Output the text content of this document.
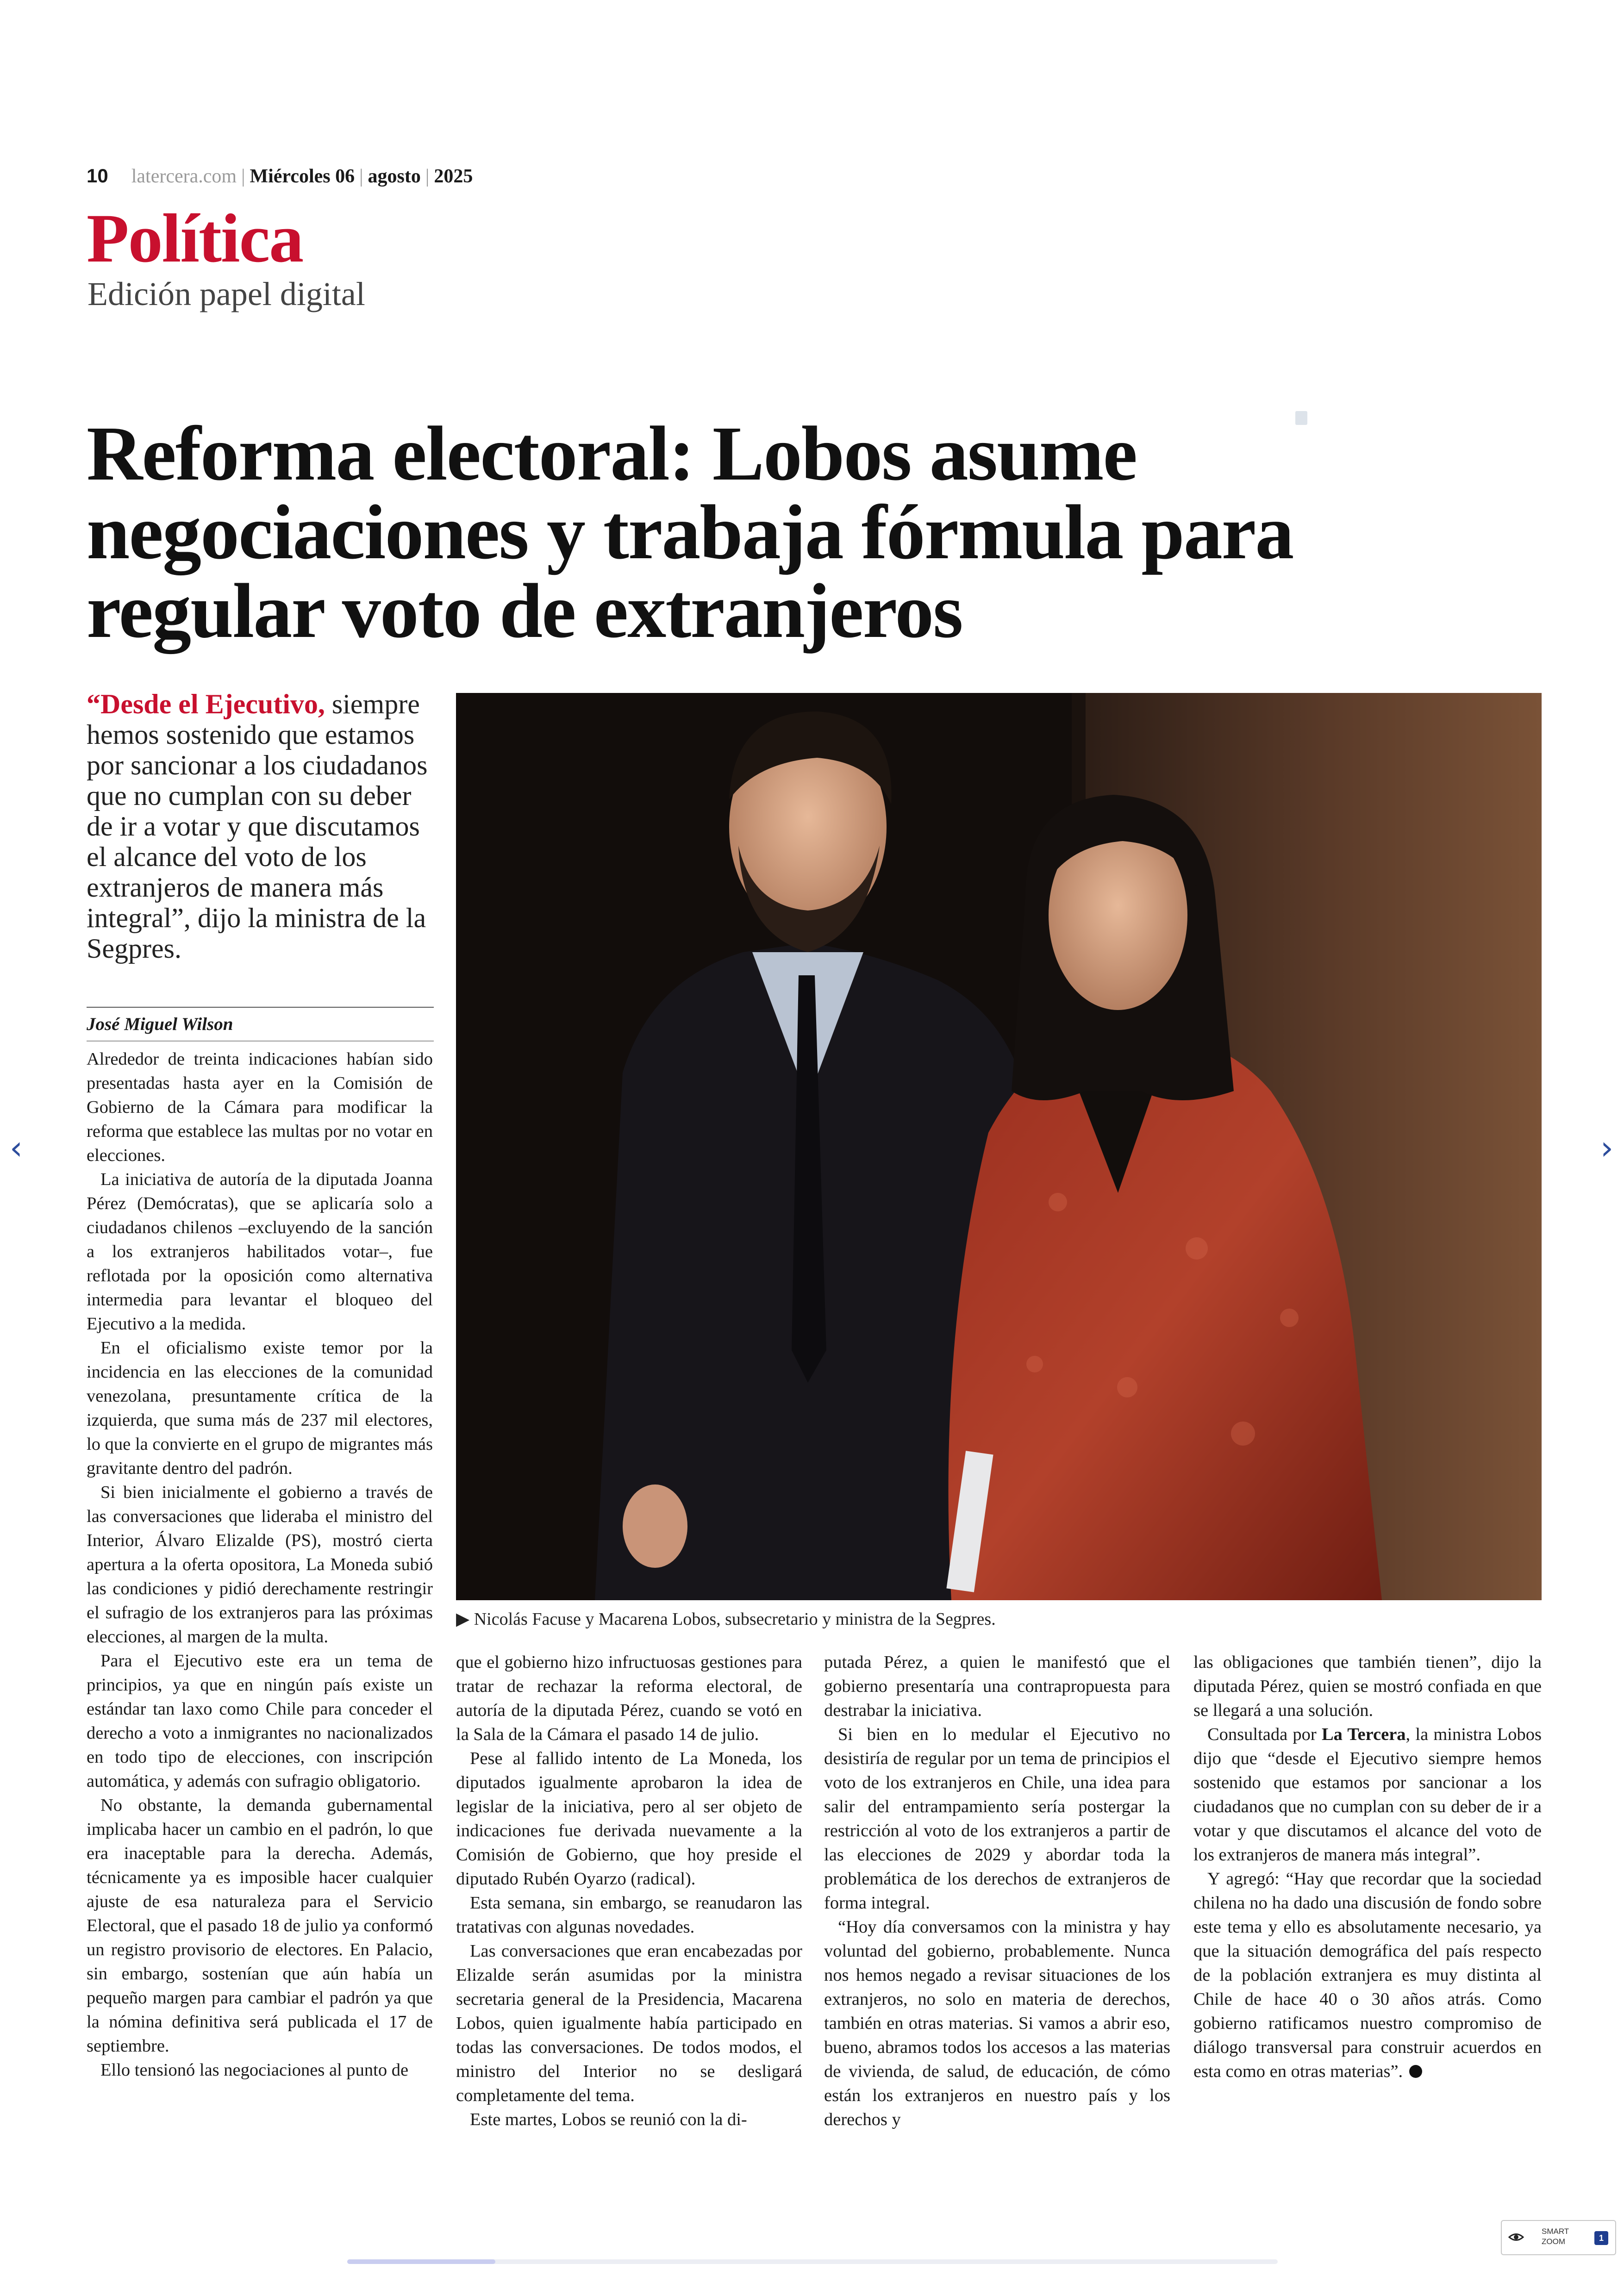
10 latercera.com | Miércoles 06 | agosto | 2025
Política
Edición papel digital
Reforma electoral: Lobos asume negociaciones y trabaja fórmula para regular voto de extranjeros
“Desde el Ejecutivo, siempre hemos sostenido que estamos por sancionar a los ciudadanos que no cumplan con su deber de ir a votar y que discutamos el alcance del voto de los extranjeros de manera más integral”, dijo la ministra de la Segpres.
José Miguel Wilson
▶ Nicolás Facuse y Macarena Lobos, subsecretario y ministra de la Segpres.

Alrededor de treinta indicaciones habían sido presentadas hasta ayer en la Comisión de Gobierno de la Cámara para modificar la reforma que establece las multas por no votar en elecciones.

La iniciativa de autoría de la diputada Joanna Pérez (Demócratas), que se aplicaría solo a ciudadanos chilenos –excluyendo de la sanción a los extranjeros habilitados votar–, fue reflotada por la oposición como alternativa intermedia para levantar el bloqueo del Ejecutivo a la medida.

En el oficialismo existe temor por la incidencia en las elecciones de la comunidad venezolana, presuntamente crítica de la izquierda, que suma más de 237 mil electores, lo que la convierte en el grupo de migrantes más gravitante dentro del padrón.

Si bien inicialmente el gobierno a través de las conversaciones que lideraba el ministro del Interior, Álvaro Elizalde (PS), mostró cierta apertura a la oferta opositora, La Moneda subió las condiciones y pidió derechamente restringir el sufragio de los extranjeros para las próximas elecciones, al margen de la multa.

Para el Ejecutivo este era un tema de principios, ya que en ningún país existe un estándar tan laxo como Chile para conceder el derecho a voto a inmigrantes no nacionalizados en todo tipo de elecciones, con inscripción automática, y además con sufragio obligatorio.

No obstante, la demanda gubernamental implicaba hacer un cambio en el padrón, lo que era inaceptable para la derecha. Además, técnicamente ya es imposible hacer cualquier ajuste de esa naturaleza para el Servicio Electoral, que el pasado 18 de julio ya conformó un registro provisorio de electores. En Palacio, sin embargo, sostenían que aún había un pequeño margen para cambiar el padrón ya que la nómina definitiva será publicada el 17 de septiembre.

Ello tensionó las negociaciones al punto de

que el gobierno hizo infructuosas gestiones para tratar de rechazar la reforma electoral, de autoría de la diputada Pérez, cuando se votó en la Sala de la Cámara el pasado 14 de julio.

Pese al fallido intento de La Moneda, los diputados igualmente aprobaron la idea de legislar de la iniciativa, pero al ser objeto de indicaciones fue derivada nuevamente a la Comisión de Gobierno, que hoy preside el diputado Rubén Oyarzo (radical).

Esta semana, sin embargo, se reanudaron las tratativas con algunas novedades.

Las conversaciones que eran encabezadas por Elizalde serán asumidas por la ministra secretaria general de la Presidencia, Macarena Lobos, quien igualmente había participado en todas las conversaciones. De todos modos, el ministro del Interior no se desligará completamente del tema.

Este martes, Lobos se reunió con la di-

putada Pérez, a quien le manifestó que el gobierno presentaría una contrapropuesta para destrabar la iniciativa.

Si bien en lo medular el Ejecutivo no desistiría de regular por un tema de principios el voto de los extranjeros en Chile, una idea para salir del entrampamiento sería postergar la restricción al voto de los extranjeros a partir de las elecciones de 2029 y abordar toda la problemática de los derechos de extranjeros de forma integral.

“Hoy día conversamos con la ministra y hay voluntad del gobierno, probablemente. Nunca nos hemos negado a revisar situaciones de los extranjeros, no solo en materia de derechos, también en otras materias. Si vamos a abrir eso, bueno, abramos todos los accesos a las materias de vivienda, de salud, de educación, de cómo están los extranjeros en nuestro país y los derechos y

las obligaciones que también tienen”, dijo la diputada Pérez, quien se mostró confiada en que se llegará a una solución.

Consultada por La Tercera, la ministra Lobos dijo que “desde el Ejecutivo siempre hemos sostenido que estamos por sancionar a los ciudadanos que no cumplan con su deber de ir a votar y que discutamos el alcance del voto de los extranjeros de manera más integral”.

Y agregó: “Hay que recordar que la sociedad chilena no ha dado una discusión de fondo sobre este tema y ello es absolutamente necesario, ya que la situación demográfica del país respecto de la población extranjera es muy distinta al Chile de hace 40 o 30 años atrás. Como gobierno ratificamos nuestro compromiso de diálogo transversal para construir acuerdos en esta como en otras materias”.

‹	›
SMART ZOOM	1
